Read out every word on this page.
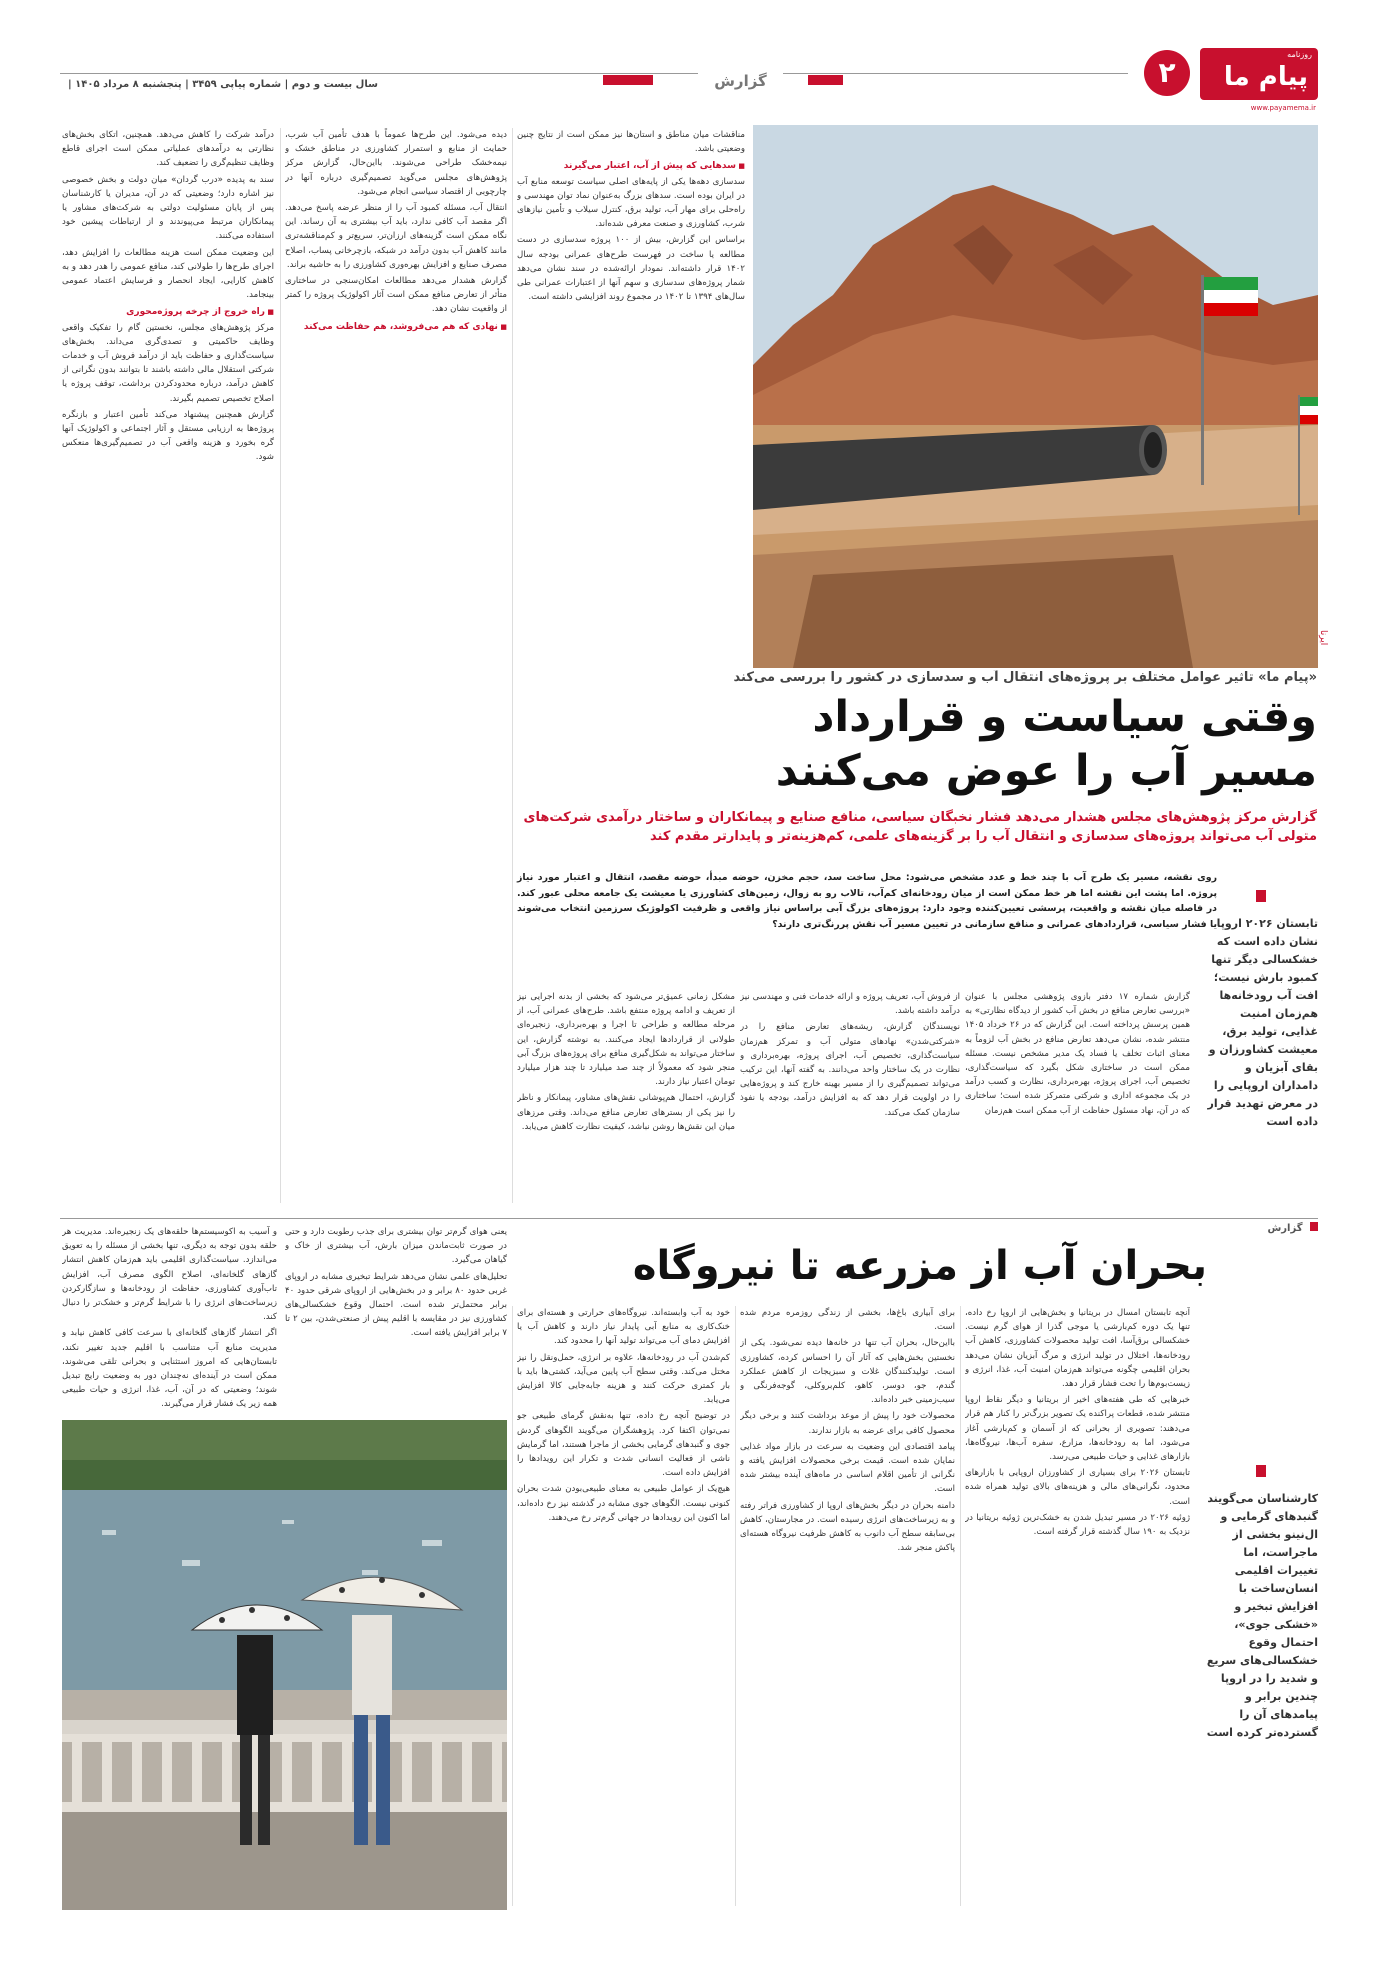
روزنامه
پیام ما
www.payamema.ir
۲
گزارش
سال بیست و دوم | شماره پیاپی ۳۴۵۹ | پنجشنبه ۸ مرداد ۱۴۰۵ |
ایرنا

مناقشات میان مناطق و استان‌ها نیز ممکن است از نتایج چنین وضعیتی باشد.

■ سدهایی که پیش از آب، اعتبار می‌گیرند

سدسازی دهه‌ها یکی از پایه‌های اصلی سیاست توسعه منابع آب در ایران بوده است. سدهای بزرگ به‌عنوان نماد توان مهندسی و راه‌حلی برای مهار آب، تولید برق، کنترل سیلاب و تأمین نیازهای شرب، کشاورزی و صنعت معرفی شده‌اند.

براساس این گزارش، بیش از ۱۰۰ پروژه سدسازی در دست مطالعه یا ساخت در فهرست طرح‌های عمرانی بودجه سال ۱۴۰۲ قرار داشته‌اند. نمودار ارائه‌شده در سند نشان می‌دهد شمار پروژه‌های سدسازی و سهم آنها از اعتبارات عمرانی طی سال‌های ۱۳۹۴ تا ۱۴۰۲ در مجموع روند افزایشی داشته است.

دیده می‌شود. این طرح‌ها عموماً با هدف تأمین آب شرب، حمایت از منابع و استمرار کشاورزی در مناطق خشک و نیمه‌خشک طراحی می‌شوند. بااین‌حال، گزارش مرکز پژوهش‌های مجلس می‌گوید تصمیم‌گیری درباره آنها در چارچوبی از اقتصاد سیاسی انجام می‌شود.

انتقال آب، مسئله کمبود آب را از منظر عرضه پاسخ می‌دهد. اگر مقصد آب کافی ندارد، باید آب بیشتری به آن رساند. این نگاه ممکن است گزینه‌های ارزان‌تر، سریع‌تر و کم‌مناقشه‌تری مانند کاهش آب بدون درآمد در شبکه، بازچرخانی پساب، اصلاح مصرف صنایع و افزایش بهره‌وری کشاورزی را به حاشیه براند.

گزارش هشدار می‌دهد مطالعات امکان‌سنجی در ساختاری متأثر از تعارض منافع ممکن است آثار اکولوژیک پروژه را کمتر از واقعیت نشان دهد.

■ نهادی که هم می‌فروشد، هم حفاظت می‌کند

درآمد شرکت را کاهش می‌دهد. همچنین، اتکای بخش‌های نظارتی به درآمدهای عملیاتی ممکن است اجرای قاطع وظایف تنظیم‌گری را تضعیف کند.

سند به پدیده «درب گردان» میان دولت و بخش خصوصی نیز اشاره دارد؛ وضعیتی که در آن، مدیران یا کارشناسان پس از پایان مسئولیت دولتی به شرکت‌های مشاور یا پیمانکاران مرتبط می‌پیوندند و از ارتباطات پیشین خود استفاده می‌کنند.

این وضعیت ممکن است هزینه مطالعات را افزایش دهد، اجرای طرح‌ها را طولانی کند، منافع عمومی را هدر دهد و به کاهش کارایی، ایجاد انحصار و فرسایش اعتماد عمومی بینجامد.

■ راه خروج از چرخه پروژه‌محوری

مرکز پژوهش‌های مجلس، نخستین گام را تفکیک واقعی وظایف حاکمیتی و تصدی‌گری می‌داند. بخش‌های سیاست‌گذاری و حفاظت باید از درآمد فروش آب و خدمات شرکتی استقلال مالی داشته باشند تا بتوانند بدون نگرانی از کاهش درآمد، درباره محدودکردن برداشت، توقف پروژه یا اصلاح تخصیص تصمیم بگیرند.

گزارش همچنین پیشنهاد می‌کند تأمین اعتبار و بازنگره پروژه‌ها به ارزیابی مستقل و آثار اجتماعی و اکولوژیک آنها گره بخورد و هزینه واقعی آب در تصمیم‌گیری‌ها منعکس شود.

«پیام ما» تاثیر عوامل مختلف بر پروژه‌های انتقال آب و سدسازی در کشور را بررسی می‌کند
وقتی سیاست و قرارداد
مسیر آب را عوض می‌کنند
گزارش مرکز پژوهش‌های مجلس هشدار می‌دهد فشار نخبگان سیاسی، منافع صنایع و پیمانکاران و ساختار درآمدی شرکت‌های متولی آب می‌تواند پروژه‌های سدسازی و انتقال آب را بر گزینه‌های علمی، کم‌هزینه‌تر و پایدارتر مقدم کند
روی نقشه، مسیر یک طرح آب با چند خط و عدد مشخص می‌شود: محل ساخت سد، حجم مخزن، حوضه مبدأ، حوضه مقصد، انتقال و اعتبار مورد نیاز پروژه. اما پشت این نقشه اما هر خط ممکن است از میان رودخانه‌ای کم‌آب، تالاب رو به زوال، زمین‌های کشاورزی یا معیشت یک جامعه محلی عبور کند. در فاصله میان نقشه و واقعیت، پرسشی تعیین‌کننده وجود دارد: پروژه‌های بزرگ آبی براساس نیاز واقعی و ظرفیت اکولوژیک سرزمین انتخاب می‌شوند یا فشار سیاسی، قراردادهای عمرانی و منافع سازمانی در تعیین مسیر آب نقش پررنگ‌تری دارند؟ تابستان ۲۰۲۶ اروپا نشان داده است که خشکسالی دیگر تنها کمبود بارش نیست؛ افت آب رودخانه‌ها هم‌زمان امنیت غذایی، تولید برق، معیشت کشاورزان و بقای آبزیان و دامداران اروپایی را در معرض تهدید قرار داده است

گزارش شماره ۱۷ دفتر بازوی پژوهشی مجلس با عنوان «بررسی تعارض منافع در بخش آب کشور از دیدگاه نظارتی» به همین پرسش پرداخته است. این گزارش که در ۲۶ خرداد ۱۴۰۵ منتشر شده، نشان می‌دهد تعارض منافع در بخش آب لزوماً به معنای اثبات تخلف یا فساد یک مدیر مشخص نیست. مسئله ممکن است در ساختاری شکل بگیرد که سیاست‌گذاری، تخصیص آب، اجرای پروژه، بهره‌برداری، نظارت و کسب درآمد در یک مجموعه اداری و شرکتی متمرکز شده است؛ ساختاری که در آن، نهاد مسئول حفاظت از آب ممکن است هم‌زمان

از فروش آب، تعریف پروژه و ارائه خدمات فنی و مهندسی نیز درآمد داشته باشد.

نویسندگان گزارش، ریشه‌های تعارض منافع را در «شرکتی‌شدن» نهادهای متولی آب و تمرکز هم‌زمان سیاست‌گذاری، تخصیص آب، اجرای پروژه، بهره‌برداری و نظارت در یک ساختار واحد می‌دانند. به گفته آنها، این ترکیب می‌تواند تصمیم‌گیری را از مسیر بهینه خارج کند و پروژه‌هایی را در اولویت قرار دهد که به افزایش درآمد، بودجه یا نفوذ سازمان کمک می‌کند.

مشکل زمانی عمیق‌تر می‌شود که بخشی از بدنه اجرایی نیز از تعریف و ادامه پروژه منتفع باشد. طرح‌های عمرانی آب، از مرحله مطالعه و طراحی تا اجرا و بهره‌برداری، زنجیره‌ای طولانی از قراردادها ایجاد می‌کنند. به نوشته گزارش، این ساختار می‌تواند به شکل‌گیری منافع برای پروژه‌های بزرگ آبی منجر شود که معمولاً از چند صد میلیارد تا چند هزار میلیارد تومان اعتبار نیاز دارند.

گزارش، احتمال هم‌پوشانی نقش‌های مشاور، پیمانکار و ناظر را نیز یکی از بسترهای تعارض منافع می‌داند. وقتی مرزهای میان این نقش‌ها روشن نباشد، کیفیت نظارت کاهش می‌یابد.

گزارش
بحران آب از مزرعه تا نیروگاه
کارشناسان می‌گویند گنبدهای گرمایی و ال‌نینو بخشی از ماجراست، اما تغییرات اقلیمی انسان‌ساخت با افزایش تبخیر و «خشکی جوی»، احتمال وقوع خشکسالی‌های سریع و شدید را در اروپا چندین برابر و پیامدهای آن را گسترده‌تر کرده است

آنچه تابستان امسال در بریتانیا و بخش‌هایی از اروپا رخ داده، تنها یک دوره کم‌بارشی یا موجی گذرا از هوای گرم نیست. خشکسالی برق‌آسا، افت تولید محصولات کشاورزی، کاهش آب رودخانه‌ها، اختلال در تولید انرژی و مرگ آبزیان نشان می‌دهد بحران اقلیمی چگونه می‌تواند هم‌زمان امنیت آب، غذا، انرژی و زیست‌بوم‌ها را تحت فشار قرار دهد.

خبرهایی که طی هفته‌های اخیر از بریتانیا و دیگر نقاط اروپا منتشر شده، قطعات پراکنده یک تصویر بزرگ‌تر را کنار هم قرار می‌دهند: تصویری از بحرانی که از آسمان و کم‌بارشی آغاز می‌شود، اما به رودخانه‌ها، مزارع، سفره آب‌ها، نیروگاه‌ها، بازارهای غذایی و حیات طبیعی می‌رسد.

تابستان ۲۰۲۶ برای بسیاری از کشاورزان اروپایی با بازارهای محدود، نگرانی‌های مالی و هزینه‌های بالای تولید همراه شده است.

ژوئیه ۲۰۲۶ در مسیر تبدیل شدن به خشک‌ترین ژوئیه بریتانیا در نزدیک به ۱۹۰ سال گذشته قرار گرفته است.

برای آبیاری باغ‌ها، بخشی از زندگی روزمره مردم شده است.

بااین‌حال، بحران آب تنها در خانه‌ها دیده نمی‌شود. یکی از نخستین بخش‌هایی که آثار آن را احساس کرده، کشاورزی است. تولیدکنندگان غلات و سبزیجات از کاهش عملکرد گندم، جو، دوسر، کاهو، کلم‌بروکلی، گوجه‌فرنگی و سیب‌زمینی خبر داده‌اند.

محصولات خود را پیش از موعد برداشت کنند و برخی دیگر محصول کافی برای عرضه به بازار ندارند.

پیامد اقتصادی این وضعیت به سرعت در بازار مواد غذایی نمایان شده است. قیمت برخی محصولات افزایش یافته و نگرانی از تأمین اقلام اساسی در ماه‌های آینده بیشتر شده است.

دامنه بحران در دیگر بخش‌های اروپا از کشاورزی فراتر رفته و به زیرساخت‌های انرژی رسیده است. در مجارستان، کاهش بی‌سابقه سطح آب دانوب به کاهش ظرفیت نیروگاه هسته‌ای پاکش منجر شد.

خود به آب وابسته‌اند. نیروگاه‌های حرارتی و هسته‌ای برای خنک‌کاری به منابع آبی پایدار نیاز دارند و کاهش آب یا افزایش دمای آب می‌تواند تولید آنها را محدود کند.

کم‌شدن آب در رودخانه‌ها، علاوه بر انرژی، حمل‌ونقل را نیز مختل می‌کند. وقتی سطح آب پایین می‌آید، کشتی‌ها باید با بار کمتری حرکت کنند و هزینه جابه‌جایی کالا افزایش می‌یابد.

در توضیح آنچه رخ داده، تنها به‌نقش گرمای طبیعی جو نمی‌توان اکتفا کرد. پژوهشگران می‌گویند الگوهای گردش جوی و گنبدهای گرمایی بخشی از ماجرا هستند، اما گرمایش ناشی از فعالیت انسانی شدت و تکرار این رویدادها را افزایش داده است.

هیچ‌یک از عوامل طبیعی به معنای طبیعی‌بودن شدت بحران کنونی نیست. الگوهای جوی مشابه در گذشته نیز رخ داده‌اند، اما اکنون این رویدادها در جهانی گرم‌تر رخ می‌دهند.

یعنی هوای گرم‌تر توان بیشتری برای جذب رطوبت دارد و حتی در صورت ثابت‌ماندن میزان بارش، آب بیشتری از خاک و گیاهان می‌گیرد.

تحلیل‌های علمی نشان می‌دهد شرایط تبخیری مشابه در اروپای غربی حدود ۸۰ برابر و در بخش‌هایی از اروپای شرقی حدود ۴۰ برابر محتمل‌تر شده است. احتمال وقوع خشکسالی‌های کشاورزی نیز در مقایسه با اقلیم پیش از صنعتی‌شدن، بین ۲ تا ۷ برابر افزایش یافته است.

و آسیب به اکوسیستم‌ها حلقه‌های یک زنجیره‌اند. مدیریت هر حلقه بدون توجه به دیگری، تنها بخشی از مسئله را به تعویق می‌اندازد. سیاست‌گذاری اقلیمی باید هم‌زمان کاهش انتشار گازهای گلخانه‌ای، اصلاح الگوی مصرف آب، افزایش تاب‌آوری کشاورزی، حفاظت از رودخانه‌ها و سازگارکردن زیرساخت‌های انرژی را با شرایط گرم‌تر و خشک‌تر را دنبال کند.

اگر انتشار گازهای گلخانه‌ای با سرعت کافی کاهش نیابد و مدیریت منابع آب متناسب با اقلیم جدید تغییر نکند، تابستان‌هایی که امروز استثنایی و بحرانی تلقی می‌شوند، ممکن است در آینده‌ای نه‌چندان دور به وضعیت رایج تبدیل شوند؛ وضعیتی که در آن، آب، غذا، انرژی و حیات طبیعی همه زیر یک فشار قرار می‌گیرند.
